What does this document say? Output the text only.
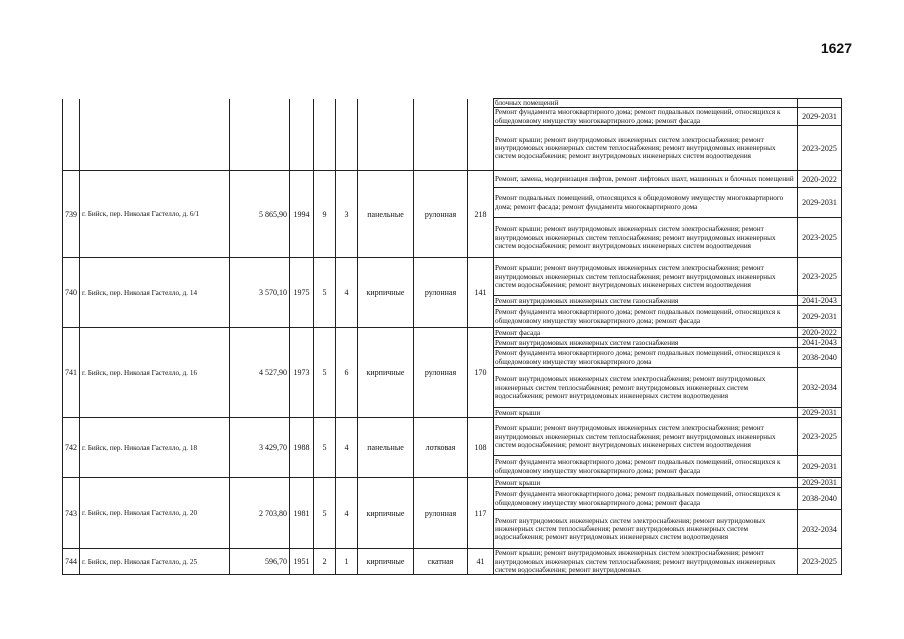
1627
									блочных помещений	
									Ремонт фундамента многоквартирного дома; ремонт подвальных помещений, относящихся к общедомовому имуществу многоквартирного дома; ремонт фасада	2029-2031
									Ремонт крыши; ремонт внутридомовых инженерных систем электроснабжения; ремонт внутридомовых инженерных систем теплоснабжения; ремонт внутридомовых инженерных систем водоснабжения; ремонт внутридомовых инженерных систем водоотведения	2023-2025
739	г. Бийск, пер. Николая Гастелло, д. 6/1	5 865,90	1994	9	3	панельные	рулонная	218	Ремонт, замена, модернизация лифтов, ремонт лифтовых шахт, машинных и блочных помещений	2020-2022
									Ремонт подвальных помещений, относящихся к общедомовому имуществу многоквартирного дома; ремонт фасада; ремонт фундамента многоквартирного дома	2029-2031
									Ремонт крыши; ремонт внутридомовых инженерных систем электроснабжения; ремонт внутридомовых инженерных систем теплоснабжения; ремонт внутридомовых инженерных систем водоснабжения; ремонт внутридомовых инженерных систем водоотведения	2023-2025
740	г. Бийск, пер. Николая Гастелло, д. 14	3 570,10	1975	5	4	кирпичные	рулонная	141	Ремонт крыши; ремонт внутридомовых инженерных систем электроснабжения; ремонт внутридомовых инженерных систем теплоснабжения; ремонт внутридомовых инженерных систем водоснабжения; ремонт внутридомовых инженерных систем водоотведения	2023-2025
									Ремонт внутридомовых инженерных систем газоснабжения	2041-2043
									Ремонт фундамента многоквартирного дома; ремонт подвальных помещений, относящихся к общедомовому имуществу многоквартирного дома; ремонт фасада	2029-2031
741	г. Бийск, пер. Николая Гастелло, д. 16	4 527,90	1973	5	6	кирпичные	рулонная	170	Ремонт фасада	2020-2022
									Ремонт внутридомовых инженерных систем газоснабжения	2041-2043
									Ремонт фундамента многоквартирного дома; ремонт подвальных помещений, относящихся к общедомовому имуществу многоквартирного дома	2038-2040
									Ремонт внутридомовых инженерных систем электроснабжения; ремонт внутридомовых инженерных систем теплоснабжения; ремонт внутридомовых инженерных систем водоснабжения; ремонт внутридомовых инженерных систем водоотведения	2032-2034
									Ремонт крыши	2029-2031
742	г. Бийск, пер. Николая Гастелло, д. 18	3 429,70	1988	5	4	панельные	лотковая	108	Ремонт крыши; ремонт внутридомовых инженерных систем электроснабжения; ремонт внутридомовых инженерных систем теплоснабжения; ремонт внутридомовых инженерных систем водоснабжения; ремонт внутридомовых инженерных систем водоотведения	2023-2025
									Ремонт фундамента многоквартирного дома; ремонт подвальных помещений, относящихся к общедомовому имуществу многоквартирного дома; ремонт фасада	2029-2031
743	г. Бийск, пер. Николая Гастелло, д. 20	2 703,80	1981	5	4	кирпичные	рулонная	117	Ремонт крыши	2029-2031
									Ремонт фундамента многоквартирного дома; ремонт подвальных помещений, относящихся к общедомовому имуществу многоквартирного дома; ремонт фасада	2038-2040
									Ремонт внутридомовых инженерных систем электроснабжения; ремонт внутридомовых инженерных систем теплоснабжения; ремонт внутридомовых инженерных систем водоснабжения; ремонт внутридомовых инженерных систем водоотведения	2032-2034
744	г. Бийск, пер. Николая Гастелло, д. 25	596,70	1951	2	1	кирпичные	скатная	41	Ремонт крыши; ремонт внутридомовых инженерных систем электроснабжения; ремонт внутридомовых инженерных систем теплоснабжения; ремонт внутридомовых инженерных систем водоснабжения; ремонт внутридомовых	2023-2025
